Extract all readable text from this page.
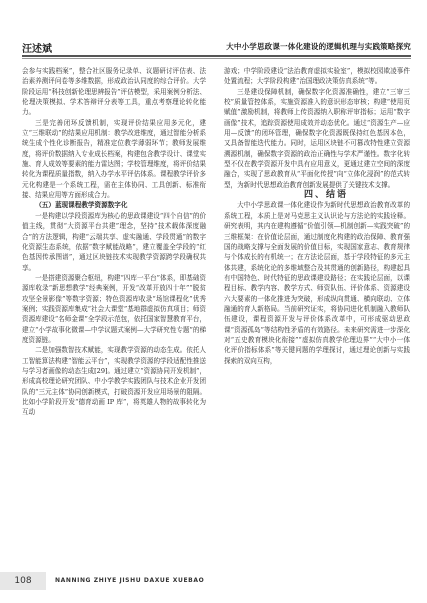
汪述斌	大中小学思政课一体化建设的逻辑机理与实践策略探究

会参与实践档案”，整合社区服务记录单、议题研讨评估表、法治素养测评问卷等多维数据，形成政治认同度的综合评价。大学阶段运用“科技创新伦理思辨报告”评估模型，采用案例分析法、伦理决策模拟、学术答辩评分表等工具，重点考察理论转化能力。

三是完善闭环反馈机制，实现评价结果应用多元化，建立“三维联动”的结果应用机制：教学改进维度，通过智能分析系统生成个性化诊断报告，精准定位教学薄弱环节；教师发展维度，将评价数据纳入专业成长档案，构建包含教学设计、课堂实施、育人成效等要素的能力雷达图；学校管理维度，将评价结果转化为课程质量指数，纳入办学水平评估体系。课程教学评价多元化构建是一个系统工程，需在主体协同、工具创新、标准衔接、结果应用等方面形成合力。

（五）蓝现课程教学资源数字化

一是构建以学段资源库为核心的思政课建设“四个自信”的价值主线，贯彻“大资源平台共建”理念，坚持“技术载体深度融合”的方法逻辑，构建“云端共享、虚实融通、学段贯通”的数字化资源生态系统，依据“数字赋能战略”，建立覆盖全学段的“红色基因传承图谱”，通过区块链技术实现教学资源跨学段确权共享。

一是搭建资源聚合枢纽，构建“四库一平台”体系，即基础资源库收录“新思想教学”经典案例，开发“改革开放四十年”“脱贫攻坚全景影像”等数字资源；特色资源库收录“场馆课程化”优秀案例；实践资源库集成“社会大课堂”基地群虚拟仿真项目；师资资源库建设“名师金课”全学段示范包，依托国家智慧教育平台，建立“小学故事化微课—中学议题式案例—大学研究性专题”的梯度资源链。

二是加强数智技术赋能，实现教学资源的动态生成。依托人工智能算法构建“智能云平台”，实现教学资源的学段适配性推送与学习者画像的动态生成[29]。通过建立“资源协同开发机制”，形成高校理论研究团队、中小学教学实践团队与技术企业开发团队的“三元主体”协同创新模式，打破资源开发应用场景的阻隔。比如小学阶段开发“德育动画 IP 库”，将英雄人物的故事转化为互动

游戏；中学阶段建设“法治教育虚拟实验室”，模拟校园欺凌事件处置流程；大学阶段构建“治国理政决策仿真系统”等。

三是建设保障机制，确保数字化资源准确性，建立“三审三校”质量管控体系，实施资源准入的意识形态审核；构建“使用页赋值”激励机制，将教师上传资源纳入职称评审指标；运用“数字画像”技术，追踪资源使用成效并动态优化。通过“资源生产—应用—反馈”的闭环管理，确保数字化资源既保持红色基因本色，又具备智能迭代能力。同时，运用区块链不可篡改特性建立资源溯源机制，确保数字资源的政治正确性与学术严谨性。数字化转型不仅在教学资源开发中具有应用意义，更通过建立空间的深度融合，实现了思政教育从“平面化传授”向“立体化浸润”的范式转型，为新时代思想政治教育创新发展提供了关键技术支撑。

四、结语

大中小学思政课一体化建设作为新时代思想政治教育改革的系统工程，本质上是对马克思主义认识论与方法论的实践诠释。研究表明，其内在建构遵循“价值引领—机制创新—实践突破”的三维框架：在价值论层面，通过制度化构建的政治保障、教育强国的战略支撑与全面发展的价值目标，实现国家意志、教育规律与个体成长的有机统一；在方法论层面，基于学段特征的多元主体共建，系统化论的多维域整合及其贯通的创新路径，构建起具有中国特色、时代特征的思政课建设路径；在实践论层面，以课程目标、教学内容、教学方式、师资队伍、评价体系、资源建设六大要素的一体化推进为突破，形成纵向贯通、横向联动、立体融通的育人新格局。当前研究证实，将协同进化机制融入教师队伍建设，课程资源开发与评价体系改革中，可形成驱动思政课“资源孤岛”等结构性矛盾的有效路径。未来研究需进一步深化对“五史教育模块化衔接”“虚拟仿真教学伦理边界”“大中小一体化评价指标体系”等关键问题的学理探讨，通过理论创新与实践探索的双向互构，

108	NANNING ZHIYE JISHU DAXUE XUEBAO
